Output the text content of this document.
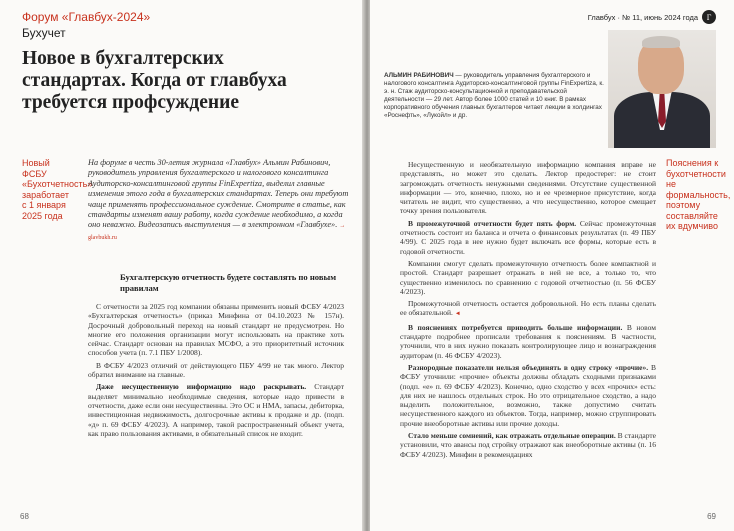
Форум «Главбух-2024»
Бухучет
Новое в бухгалтерских стандартах. Когда от главбуха требуется профсуждение
Новый ФСБУ «Бухотчетность» заработает с 1 января 2025 года
На форуме в честь 30-летия журнала «Главбух» Альмин Рабинович, руководитель управления бухгалтерского и налогового консалтинга Аудиторско-консалтинговой группы FinExpertiza, выделил главные изменения этого года в бухгалтерских стандартах. Теперь они требуют чаще применять профессиональное суждение. Смотрите в статье, как стандарты изменят вашу работу, когда суждение необходимо, а когда оно неважно. Видеозапись выступления — в электронном «Главбухе». → glavbukh.ru
Бухгалтерскую отчетность будете составлять по новым правилам

С отчетности за 2025 год компании обязаны применить новый ФСБУ 4/2023 «Бухгалтерская отчетность» (приказ Минфина от 04.10.2023 № 157н). Досрочный добровольный переход на новый стандарт не предусмотрен. Но многие его положения организации могут использовать на практике хоть сейчас. Стандарт основан на правилах МСФО, а это приоритетный источник способов учета (п. 7.1 ПБУ 1/2008).

В ФСБУ 4/2023 отличий от действующего ПБУ 4/99 не так много. Лектор обратил внимание на главные.

Даже несущественную информацию надо раскрывать. Стандарт выделяет минимально необходимые сведения, которые надо привести в отчетности, даже если они несущественны. Это ОС и НМА, запасы, дебиторка, инвестиционная недвижимость, долгосрочные активы к продаже и др. (подп. «д» п. 69 ФСБУ 4/2023). А например, такой распространенный объект учета, как право пользования активами, в обязательный список не входит.

68
Главбух · № 11, июнь 2024 года	Г
АЛЬМИН РАБИНОВИЧ — руководитель управления бухгалтерского и налогового консалтинга Аудиторско-консалтинговой группы FinExpertiza, к. э. н. Стаж аудиторско-консультационной и преподавательской деятельности — 29 лет. Автор более 1000 статей и 10 книг. В рамках корпоративного обучения главных бухгалтеров читает лекции в холдингах «Роснефть», «Лукойл» и др.

Несущественную и необязательную информацию компания вправе не представлять, но может это сделать. Лектор предостерег: не стоит загромождать отчетность ненужными сведениями. Отсутствие существенной информации — это, конечно, плохо, но и ее чрезмерное присутствие, когда читатель не видит, что существенно, а что несущественно, которое смещает точку зрения пользователя.

В промежуточной отчетности будет пять форм. Сейчас промежуточная отчетность состоит из баланса и отчета о финансовых результатах (п. 49 ПБУ 4/99). С 2025 года в нее нужно будет включать все формы, которые есть в годовой отчетности.

Компании смогут сделать промежуточную отчетность более компактной и простой. Стандарт разрешает отражать в ней не все, а только то, что существенно изменилось по сравнению с годовой отчетностью (п. 56 ФСБУ 4/2023).

Промежуточной отчетность остается добровольной. Но есть планы сделать ее обязательной. ◄

В пояснениях потребуется приводить больше информации. В новом стандарте подробнее прописали требования к пояснениям. В частности, уточнили, что в них нужно показать контролирующее лицо и вознаграждения аудиторам (п. 46 ФСБУ 4/2023).

Разнородные показатели нельзя объединять в одну строку «прочие». В ФСБУ уточнили: «прочие» объекты должны обладать сходными признаками (подп. «е» п. 69 ФСБУ 4/2023). Конечно, одно сходство у всех «прочих» есть: для них не нашлось отдельных строк. Но это отрицательное сходство, а надо выделить положительное, возможно, также допустимо считать несущественного каждого из объектов. Тогда, например, можно сгруппировать прочие внеоборотные активы или прочие доходы.

Стало меньше сомнений, как отражать отдельные операции. В стандарте установили, что авансы под стройку отражают как внеоборотные активы (п. 16 ФСБУ 4/2023). Минфин в рекомендациях

Пояснения к бухотчетности не формальность, поэтому составляйте их вдумчиво
69
